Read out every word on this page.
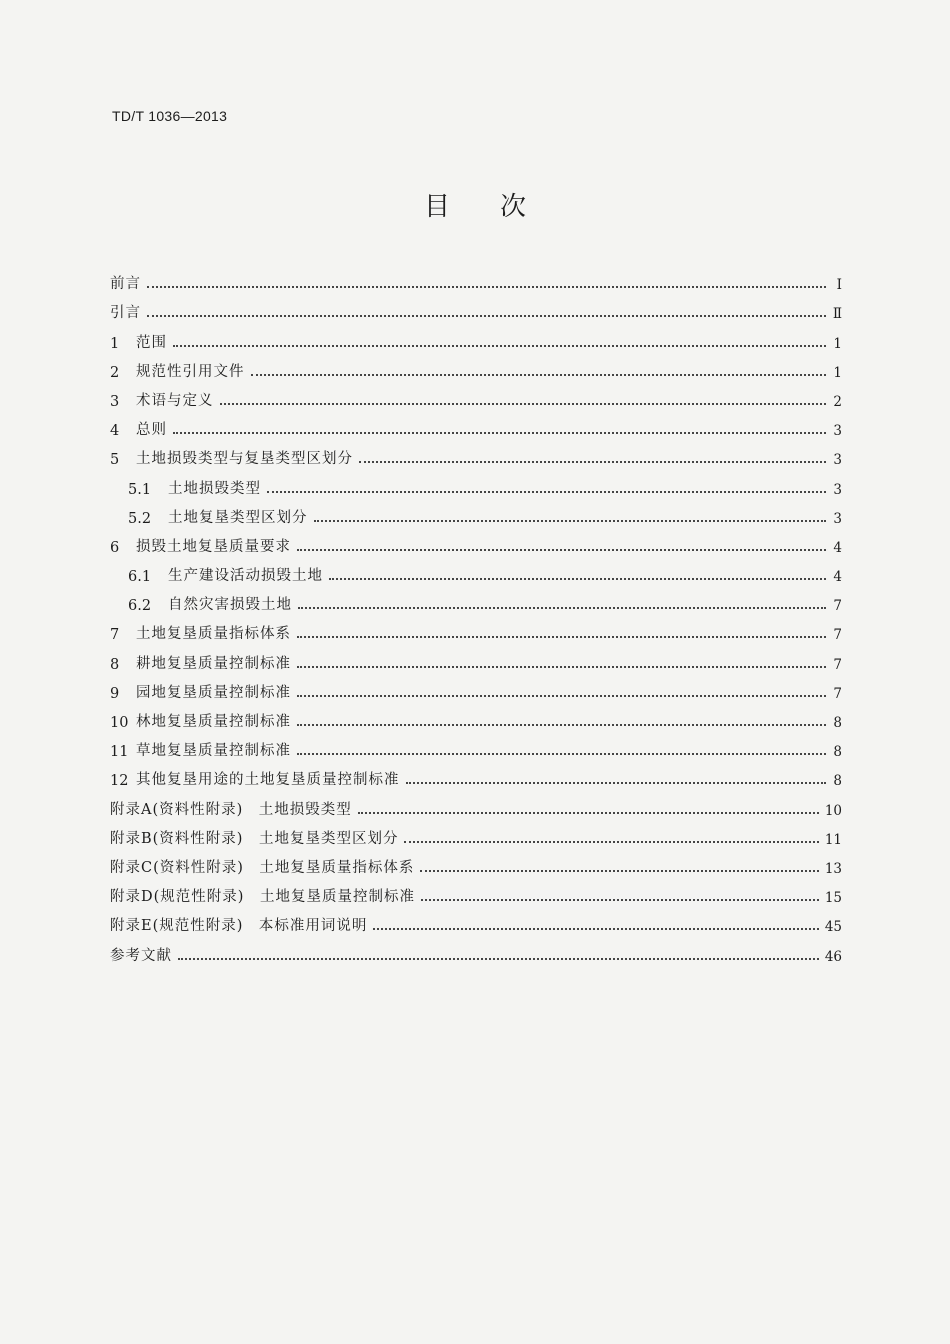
TD/T 1036—2013
目次
前言	Ⅰ
引言	Ⅱ
1	范围	1
2	规范性引用文件	1
3	术语与定义	2
4	总则	3
5	土地损毁类型与复垦类型区划分	3
5.1	土地损毁类型	3
5.2	土地复垦类型区划分	3
6	损毁土地复垦质量要求	4
6.1	生产建设活动损毁土地	4
6.2	自然灾害损毁土地	7
7	土地复垦质量指标体系	7
8	耕地复垦质量控制标准	7
9	园地复垦质量控制标准	7
10 林地复垦质量控制标准	8
11 草地复垦质量控制标准	8
12 其他复垦用途的土地复垦质量控制标准	8
附录A(资料性附录)　土地损毁类型	10
附录B(资料性附录)　土地复垦类型区划分	11
附录C(资料性附录)　土地复垦质量指标体系	13
附录D(规范性附录)　土地复垦质量控制标准	15
附录E(规范性附录)　本标准用词说明	45
参考文献	46
